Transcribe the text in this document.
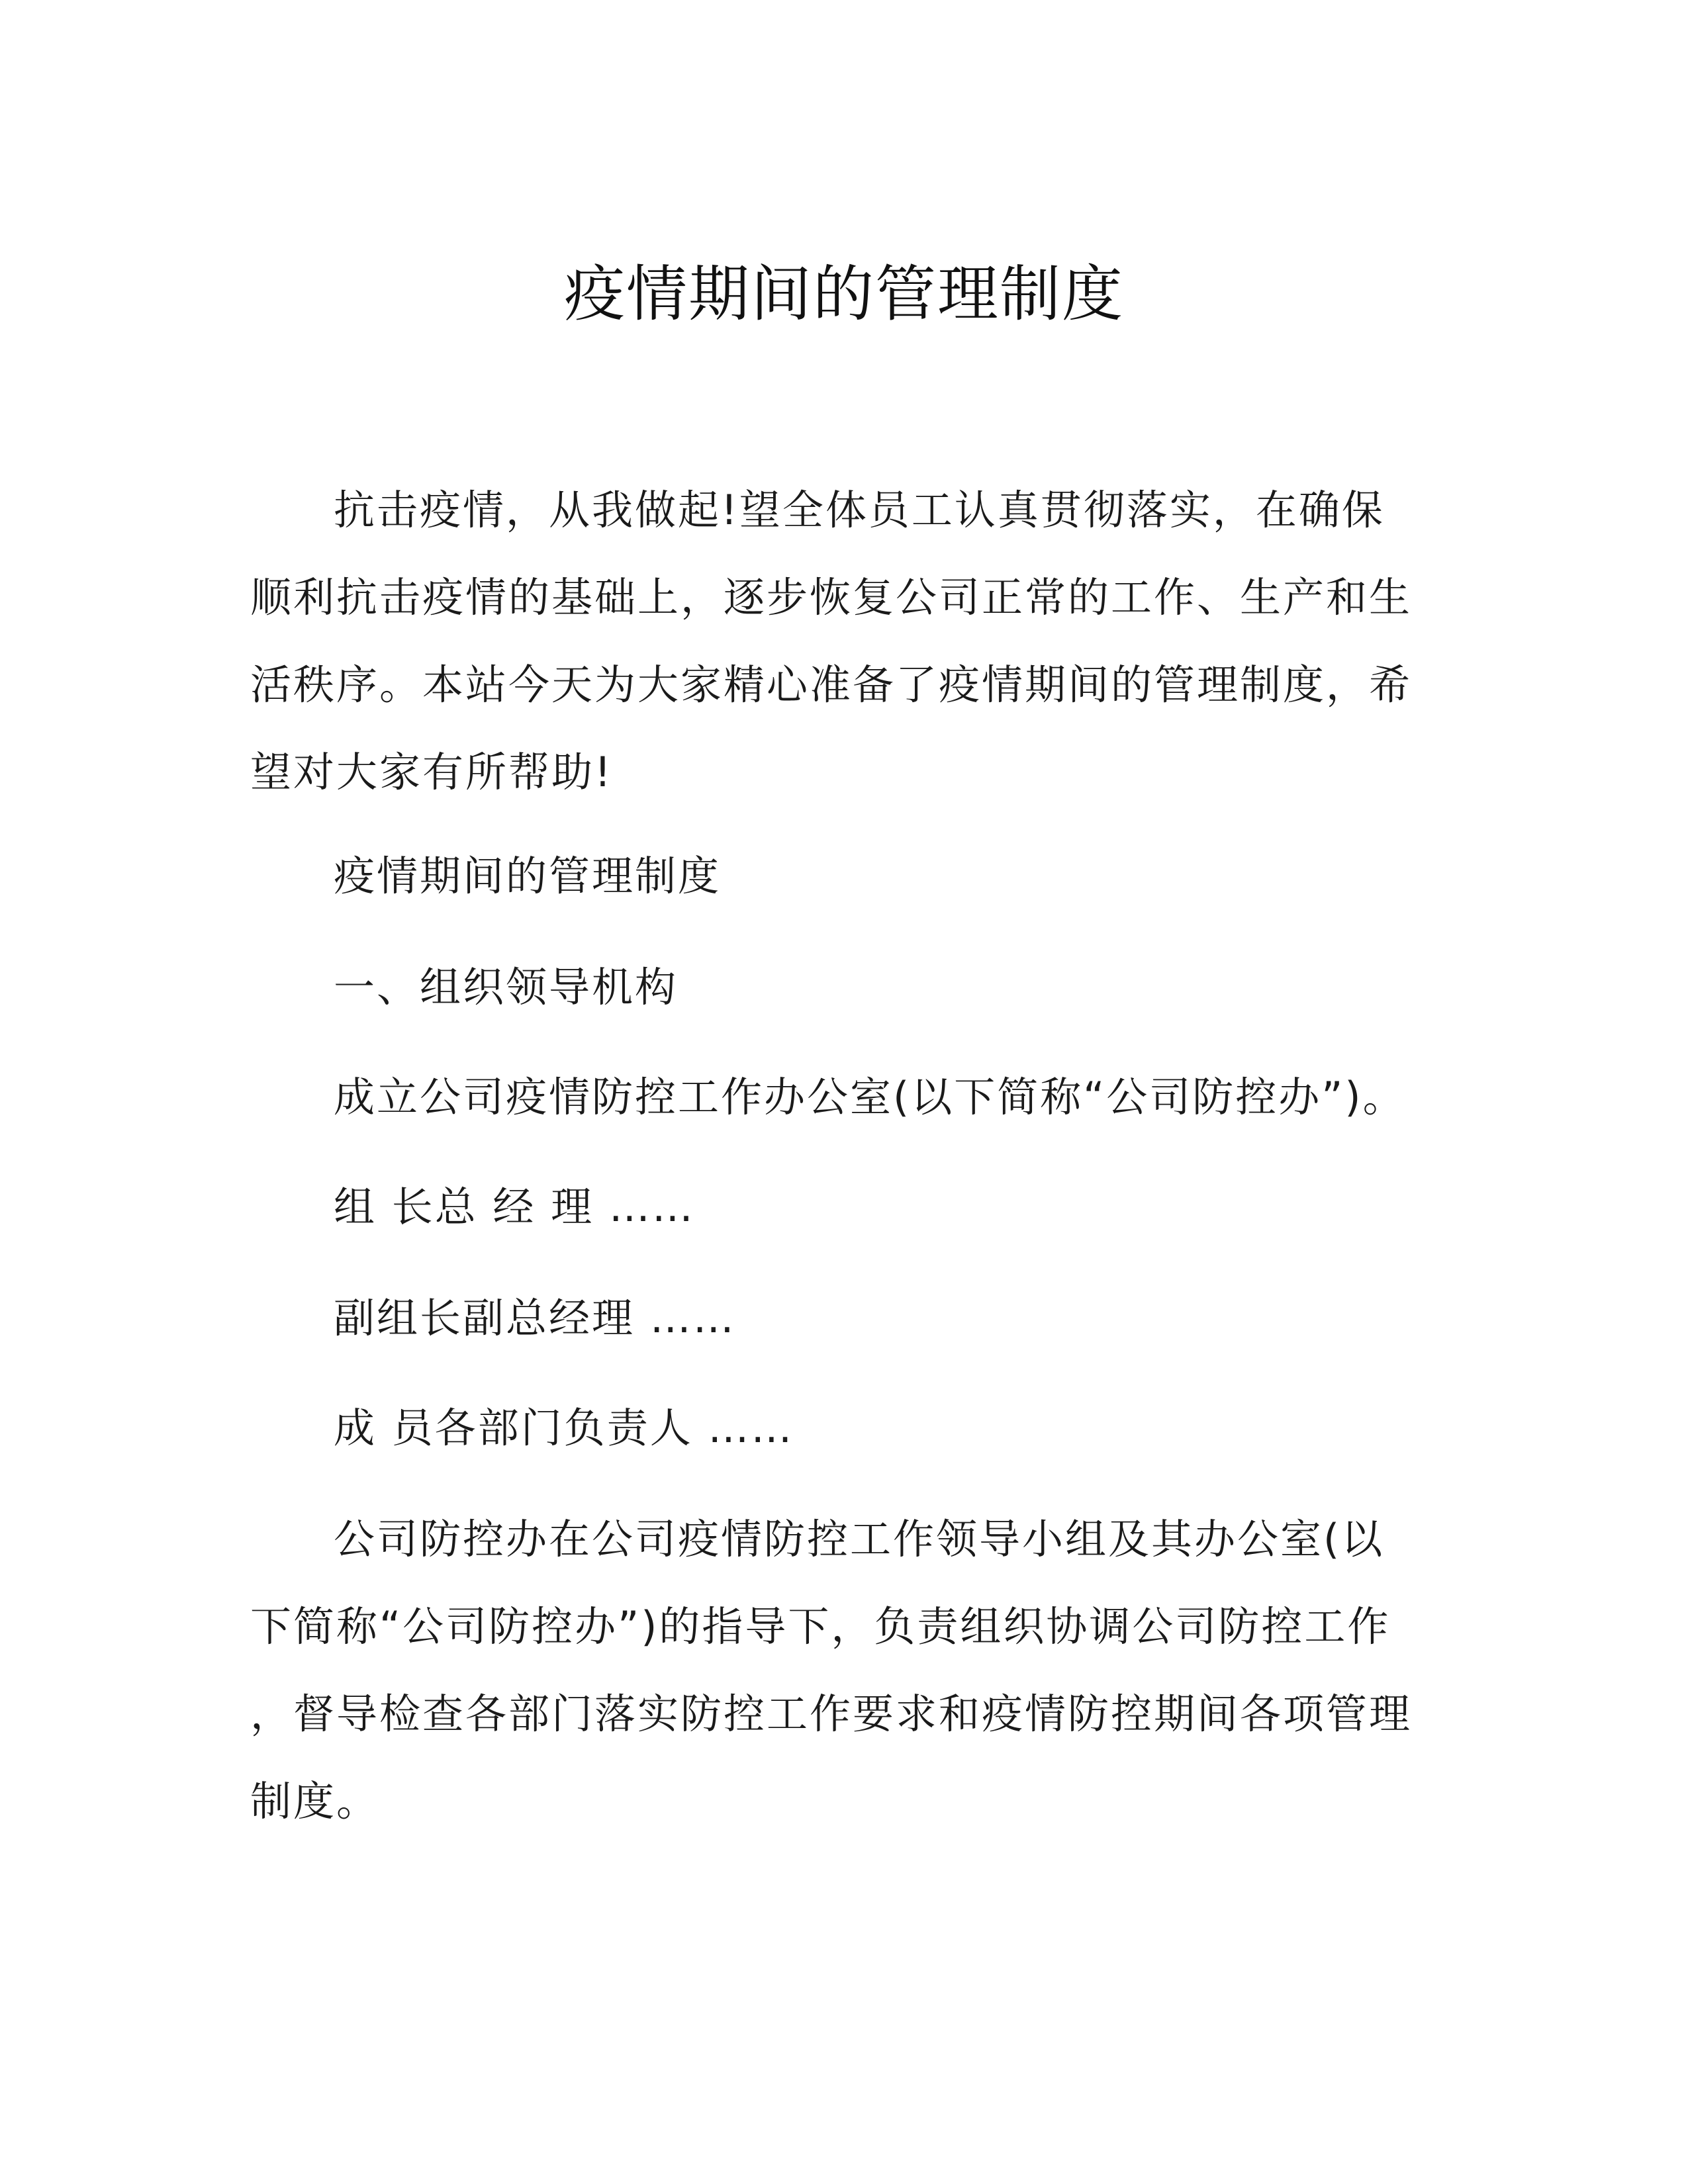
疫情期间的管理制度
抗击疫情，从我做起!望全体员工认真贯彻落实，在确保
顺利抗击疫情的基础上，逐步恢复公司正常的工作、生产和生
活秩序。本站今天为大家精心准备了疫情期间的管理制度，希
望对大家有所帮助!
疫情期间的管理制度
一、组织领导机构
成立公司疫情防控工作办公室(以下简称“公司防控办”)。
组 长总 经 理 ……
副组长副总经理 ……
成 员各部门负责人 ……
公司防控办在公司疫情防控工作领导小组及其办公室(以
下简称“公司防控办”)的指导下，负责组织协调公司防控工作
，督导检查各部门落实防控工作要求和疫情防控期间各项管理
制度。
